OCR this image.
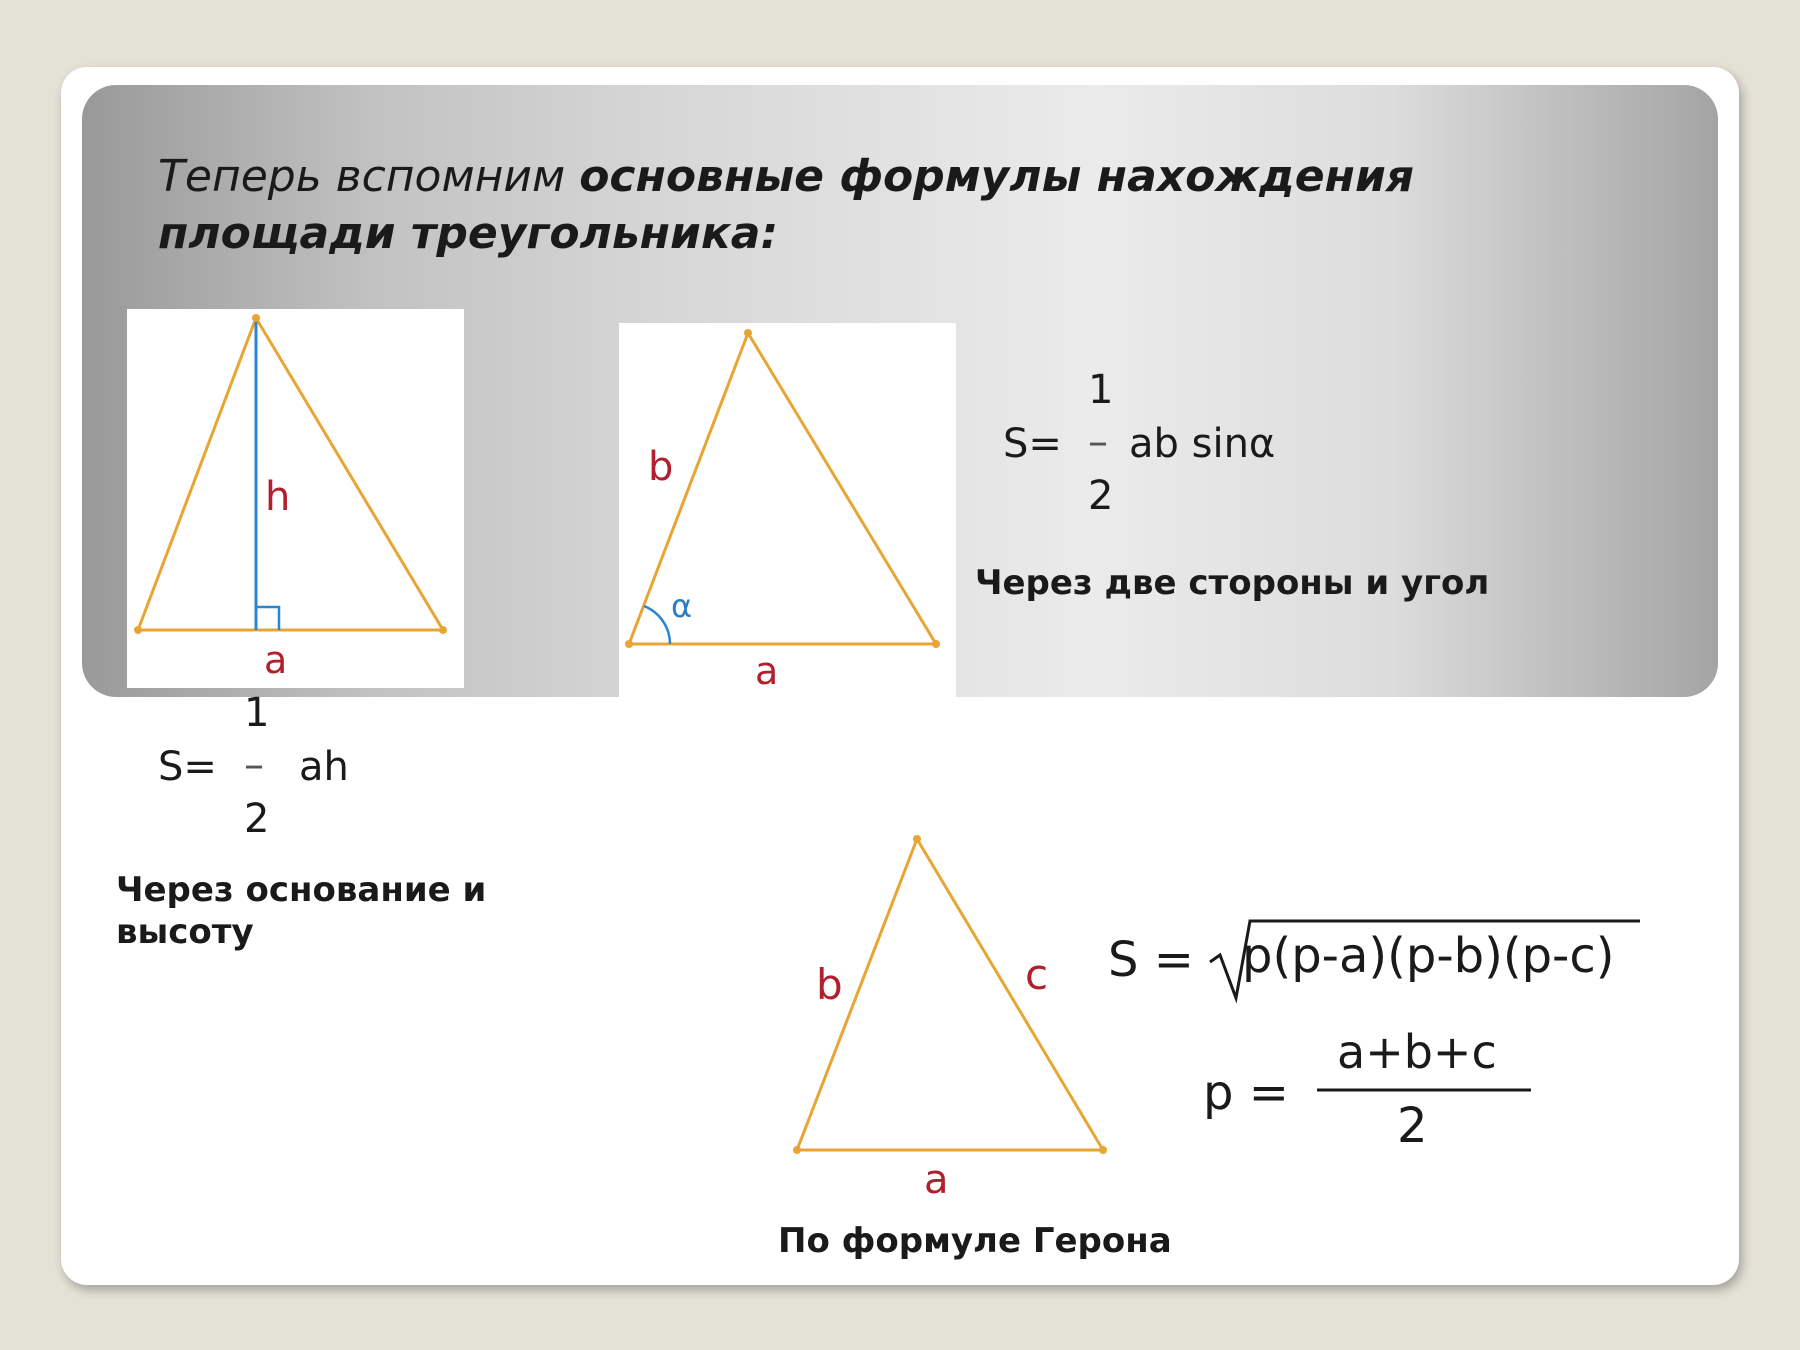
Теперь вспомним основные формулы нахождения площади треугольника:
h
a
b
α
a
1
S= – ab sinα
2
Через две стороны и угол
1
S= – ah
2
Через основание и
высоту
b	c
a
S = p(p-a)(p-b)(p-c)
p =
a+b+c
2
По формуле Герона
